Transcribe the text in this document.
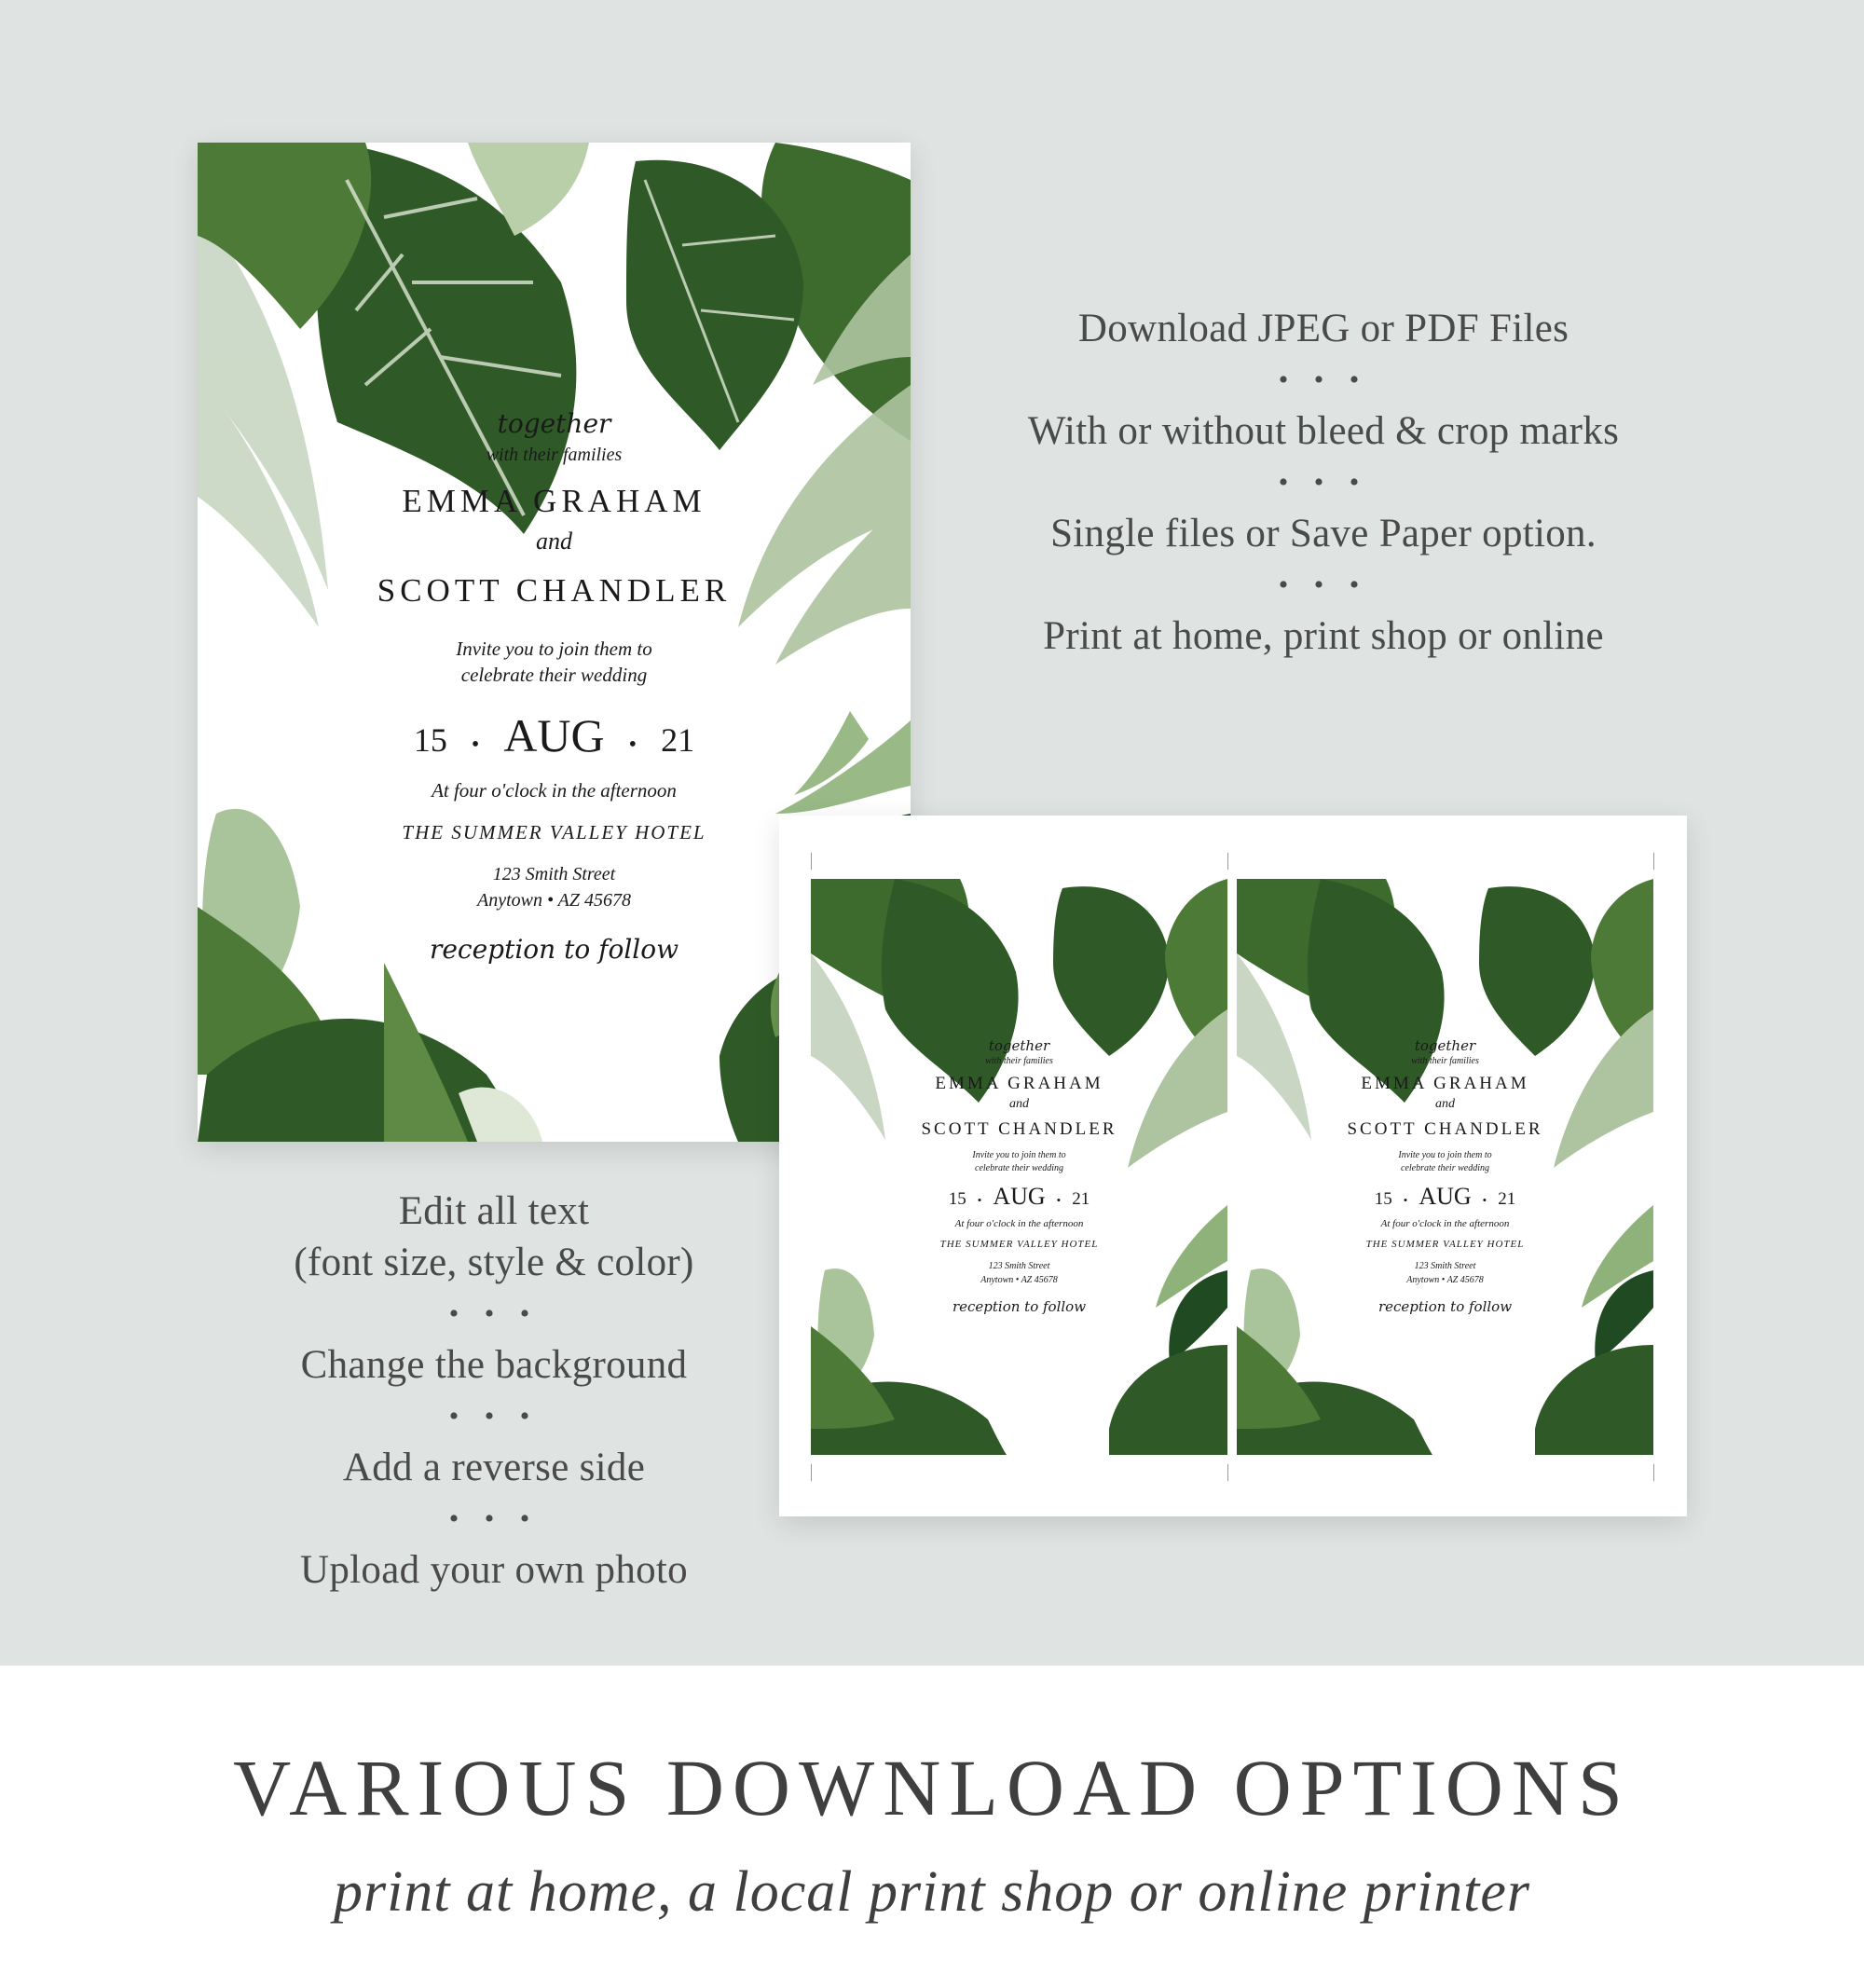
together
with their families
EMMA GRAHAM
and
SCOTT CHANDLER
Invite you to join them to
celebrate their wedding
15 • AUG • 21
At four o'clock in the afternoon
THE SUMMER VALLEY HOTEL
123 Smith Street
Anytown • AZ 45678
reception to follow
together
with their families
EMMA GRAHAM
and
SCOTT CHANDLER
Invite you to join them to
celebrate their wedding
15 • AUG • 21
At four o'clock in the afternoon
THE SUMMER VALLEY HOTEL
123 Smith Street
Anytown • AZ 45678
reception to follow
together
with their families
EMMA GRAHAM
and
SCOTT CHANDLER
Invite you to join them to
celebrate their wedding
15 • AUG • 21
At four o'clock in the afternoon
THE SUMMER VALLEY HOTEL
123 Smith Street
Anytown • AZ 45678
reception to follow
Download JPEG or PDF Files
• • •
With or without bleed & crop marks
• • •
Single files or Save Paper option.
• • •
Print at home, print shop or online
Edit all text
(font size, style & color)
• • •
Change the background
• • •
Add a reverse side
• • •
Upload your own photo
VARIOUS DOWNLOAD OPTIONS
print at home, a local print shop or online printer
